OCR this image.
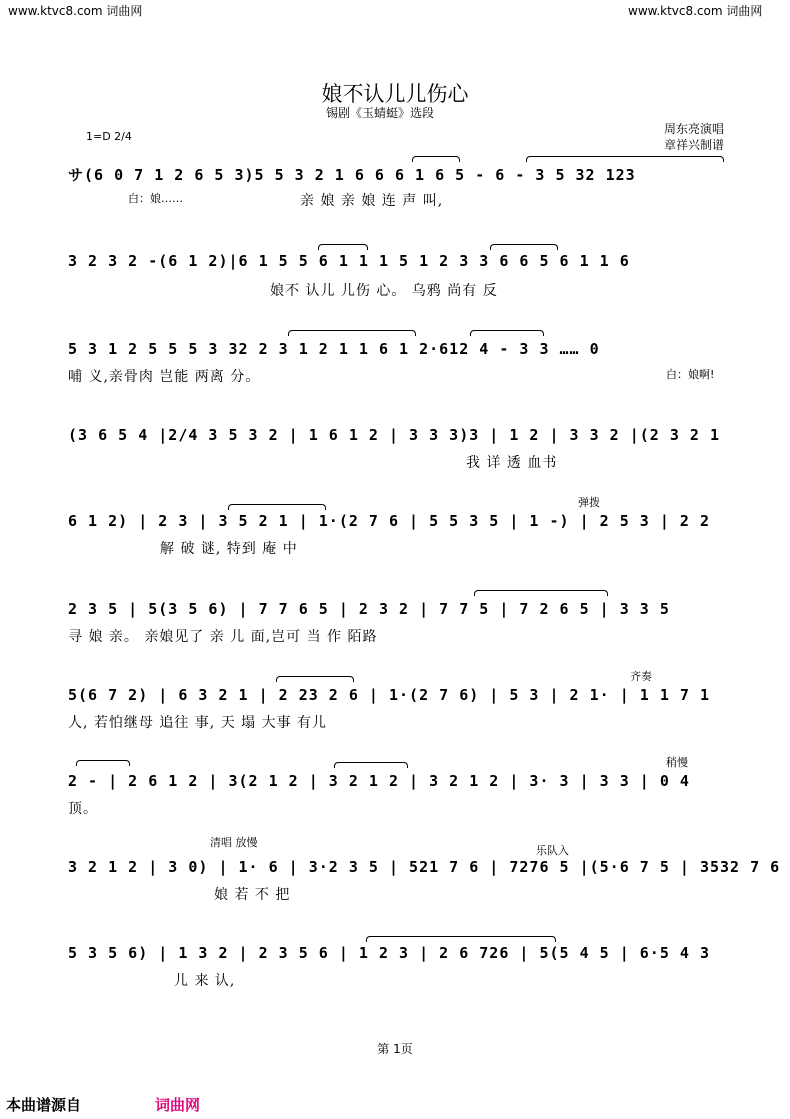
www.ktvc8.com 词曲网	www.ktvc8.com 词曲网
娘不认儿儿伤心
锡剧《玉蜻蜓》选段
周东亮演唱
章祥兴制谱
1=D 2/4
サ(6 0 7 1 2 6 5 3)5 5 3 2 1 6 6 6 1 6 5 - 6 - 3 5 32 123
白：娘……	亲 娘 亲 娘 连 声 叫,
3 2 3 2 -(6 1 2)|6 1 5 5 6 1 1 1 5 1 2 3 3 6 6 5 6 1 1 6
娘不 认儿 儿伤 心。 乌鸦 尚有 反
5 3 1 2 5 5 5 3 32 2 3 1 2 1 1 6 1 2·612 4 - 3 3 …… 0
白：娘啊!
哺 义,亲骨肉 岂能 两离 分。
(3 6 5 4 |2/4 3 5 3 2 | 1 6 1 2 | 3 3 3)3 | 1 2 | 3 3 2 |(2 3 2 1
我 详 透 血书
6 1 2) | 2 3 | 3 5 2 1 | 1·(2 7 6 | 5 5 3 5 | 1 -) | 2 5 3 | 2 2
弹拨
解 破 谜, 特到 庵 中
2 3 5 | 5(3 5 6) | 7 7 6 5 | 2 3 2 | 7 7 5 | 7 2 6 5 | 3 3 5
寻 娘 亲。 亲娘见了 亲 儿 面,岂可 当 作 陌路
5(6 7 2) | 6 3 2 1 | 2 23 2 6 | 1·(2 7 6) | 5 3 | 2 1· | 1 1 7 1
齐奏
人, 若怕继母 追往 事, 天 塌 大事 有儿
2 - | 2 6 1 2 | 3(2 1 2 | 3 2 1 2 | 3 2 1 2 | 3· 3 | 3 3 | 0 4
稍慢
顶。
3 2 1 2 | 3 0) | 1· 6 | 3·2 3 5 | 521 7 6 | 7276 5 |(5·6 7 5 | 3532 7 6
清唱 放慢
乐队入
娘 若 不 把
5 3 5 6) | 1 3 2 | 2 3 5 6 | 1 2 3 | 2 6 726 | 5(5 4 5 | 6·5 4 3
儿 来 认,
第 1页
本曲谱源自	词曲网
